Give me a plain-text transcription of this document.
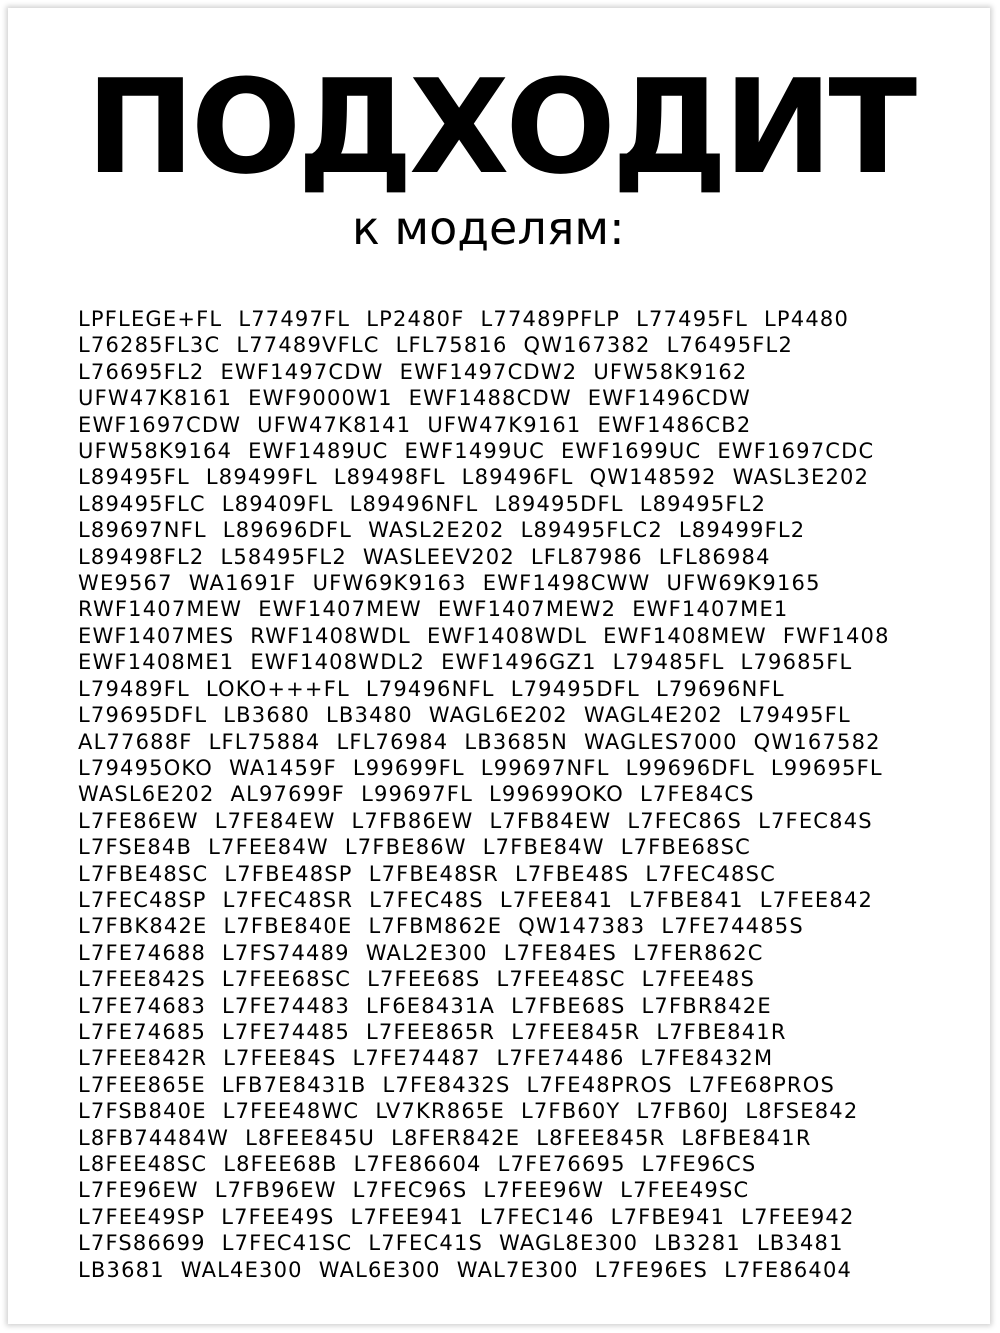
ПОДХОДИТ
к моделям:
LPFLEGE+FL L77497FL LP2480F L77489PFLP L77495FL LP4480
L76285FL3C L77489VFLC LFL75816 QW167382 L76495FL2
L76695FL2 EWF1497CDW EWF1497CDW2 UFW58K9162
UFW47K8161 EWF9000W1 EWF1488CDW EWF1496CDW
EWF1697CDW UFW47K8141 UFW47K9161 EWF1486CB2
UFW58K9164 EWF1489UC EWF1499UC EWF1699UC EWF1697CDC
L89495FL L89499FL L89498FL L89496FL QW148592 WASL3E202
L89495FLC L89409FL L89496NFL L89495DFL L89495FL2
L89697NFL L89696DFL WASL2E202 L89495FLC2 L89499FL2
L89498FL2 L58495FL2 WASLEEV202 LFL87986 LFL86984
WE9567 WA1691F UFW69K9163 EWF1498CWW UFW69K9165
RWF1407MEW EWF1407MEW EWF1407MEW2 EWF1407ME1
EWF1407MES RWF1408WDL EWF1408WDL EWF1408MEW FWF1408
EWF1408ME1 EWF1408WDL2 EWF1496GZ1 L79485FL L79685FL
L79489FL LOKO+++FL L79496NFL L79495DFL L79696NFL
L79695DFL LB3680 LB3480 WAGL6E202 WAGL4E202 L79495FL
AL77688F LFL75884 LFL76984 LB3685N WAGLES7000 QW167582
L79495OKO WA1459F L99699FL L99697NFL L99696DFL L99695FL
WASL6E202 AL97699F L99697FL L99699OKO L7FE84CS
L7FE86EW L7FE84EW L7FB86EW L7FB84EW L7FEC86S L7FEC84S
L7FSE84B L7FEE84W L7FBE86W L7FBE84W L7FBE68SC
L7FBE48SC L7FBE48SP L7FBE48SR L7FBE48S L7FEC48SC
L7FEC48SP L7FEC48SR L7FEC48S L7FEE841 L7FBE841 L7FEE842
L7FBK842E L7FBE840E L7FBM862E QW147383 L7FE74485S
L7FE74688 L7FS74489 WAL2E300 L7FE84ES L7FER862C
L7FEE842S L7FEE68SC L7FEE68S L7FEE48SC L7FEE48S
L7FE74683 L7FE74483 LF6E8431A L7FBE68S L7FBR842E
L7FE74685 L7FE74485 L7FEE865R L7FEE845R L7FBE841R
L7FEE842R L7FEE84S L7FE74487 L7FE74486 L7FE8432M
L7FEE865E LFB7E8431B L7FE8432S L7FE48PROS L7FE68PROS
L7FSB840E L7FEE48WC LV7KR865E L7FB60Y L7FB60J L8FSE842
L8FB74484W L8FEE845U L8FER842E L8FEE845R L8FBE841R
L8FEE48SC L8FEE68B L7FE86604 L7FE76695 L7FE96CS
L7FE96EW L7FB96EW L7FEC96S L7FEE96W L7FEE49SC
L7FEE49SP L7FEE49S L7FEE941 L7FEC146 L7FBE941 L7FEE942
L7FS86699 L7FEC41SC L7FEC41S WAGL8E300 LB3281 LB3481
LB3681 WAL4E300 WAL6E300 WAL7E300 L7FE96ES L7FE86404
